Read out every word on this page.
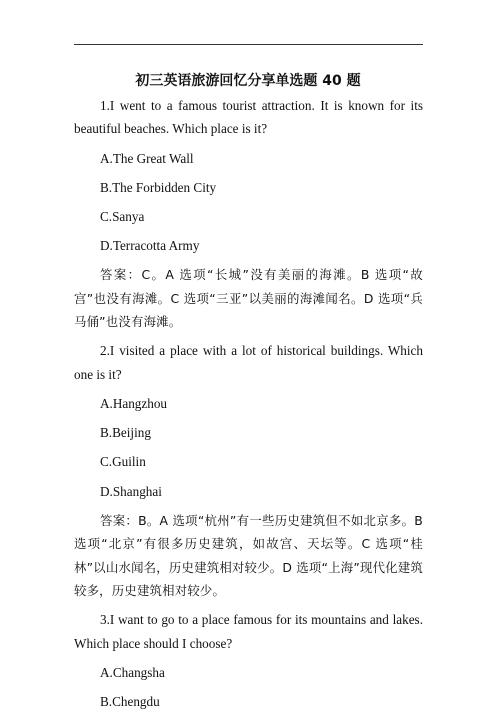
初三英语旅游回忆分享单选题 40 题

1.I went to a famous tourist attraction. It is known for its beautiful beaches. Which place is it?

A.The Great Wall

B.The Forbidden City

C.Sanya

D.Terracotta Army

答案：C。A 选项“长城”没有美丽的海滩。B 选项“故宫”也没有海滩。C 选项“三亚”以美丽的海滩闻名。D 选项“兵马俑”也没有海滩。

2.I visited a place with a lot of historical buildings. Which one is it?

A.Hangzhou

B.Beijing

C.Guilin

D.Shanghai

答案：B。A 选项“杭州”有一些历史建筑但不如北京多。B 选项“北京”有很多历史建筑，如故宫、天坛等。C 选项“桂林”以山水闻名，历史建筑相对较少。D 选项“上海”现代化建筑较多，历史建筑相对较少。

3.I want to go to a place famous for its mountains and lakes. Which place should I choose?

A.Changsha

B.Chengdu
